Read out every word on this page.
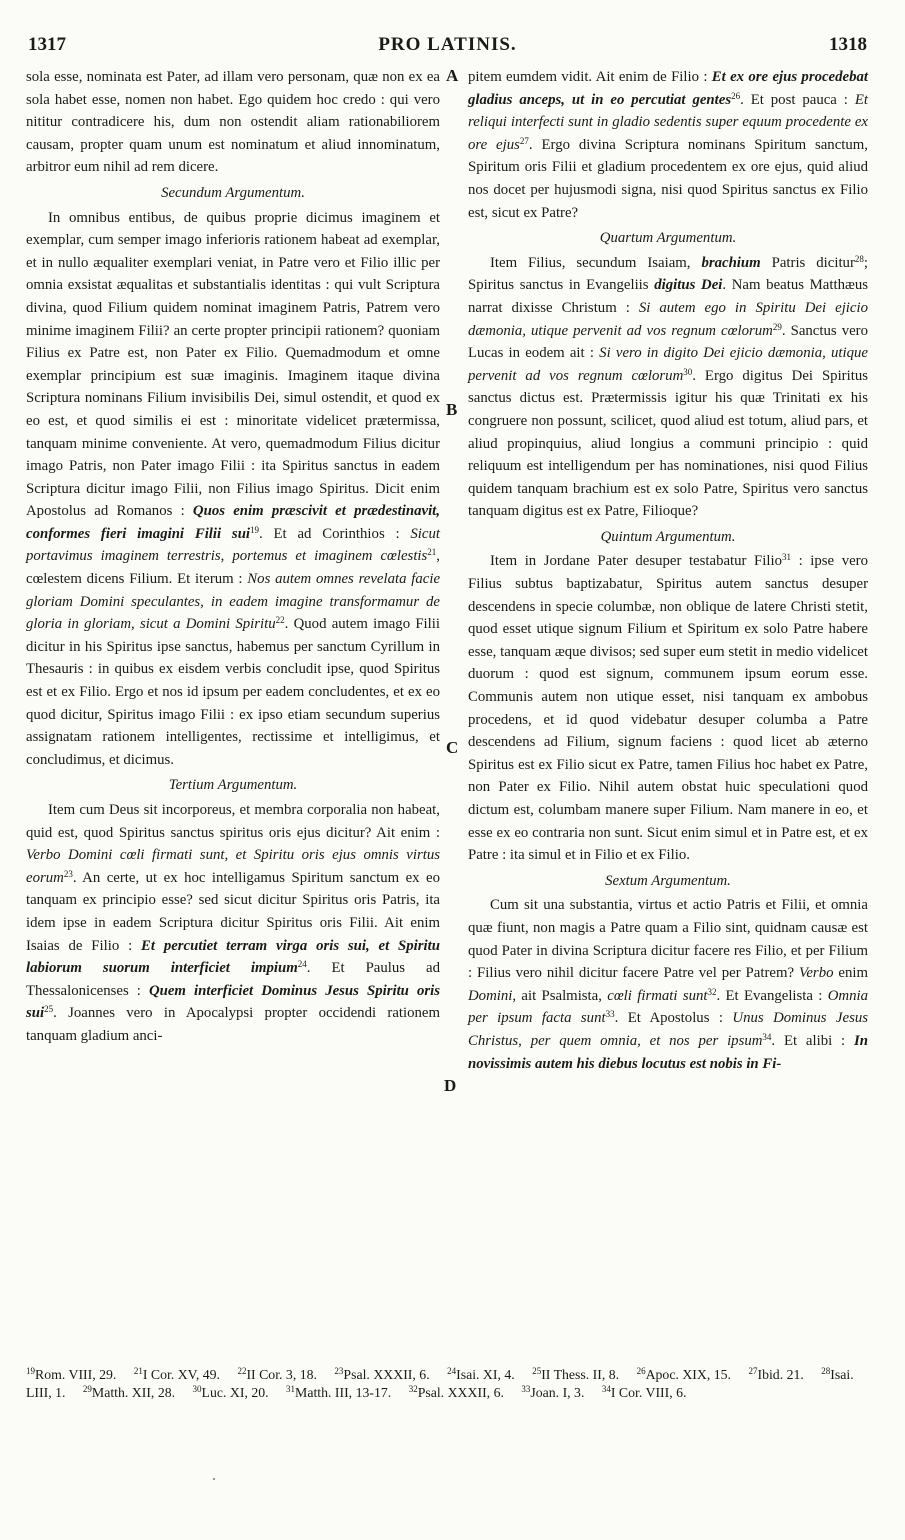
1317	PRO LATINIS.	1318
A
B
C
D

sola esse, nominata est Pater, ad illam vero personam, quæ non ex ea sola habet esse, nomen non habet. Ego quidem hoc credo : qui vero nititur contradicere his, dum non ostendit aliam rationabiliorem causam, propter quam unum est nominatum et aliud innominatum, arbitror eum nihil ad rem dicere.

Secundum Argumentum.

In omnibus entibus, de quibus proprie dicimus imaginem et exemplar, cum semper imago inferioris rationem habeat ad exemplar, et in nullo æqualiter exemplari veniat, in Patre vero et Filio illic per omnia exsistat æqualitas et substantialis identitas : qui vult Scriptura divina, quod Filium quidem nominat imaginem Patris, Patrem vero minime imaginem Filii? an certe propter principii rationem? quoniam Filius ex Patre est, non Pater ex Filio. Quemadmodum et omne exemplar principium est suæ imaginis. Imaginem itaque divina Scriptura nominans Filium invisibilis Dei, simul ostendit, et quod ex eo est, et quod similis ei est : minoritate videlicet prætermissa, tanquam minime conveniente. At vero, quemadmodum Filius dicitur imago Patris, non Pater imago Filii : ita Spiritus sanctus in eadem Scriptura dicitur imago Filii, non Filius imago Spiritus. Dicit enim Apostolus ad Romanos : Quos enim præscivit et prædestinavit, conformes fieri imagini Filii sui$^{19}$. Et ad Corinthios : Sicut portavimus imaginem terrestris, portemus et imaginem cœlestis$^{21}$, cœlestem dicens Filium. Et iterum : Nos autem omnes revelata facie gloriam Domini speculantes, in eadem imagine transformamur de gloria in gloriam, sicut a Domini Spiritu$^{22}$. Quod autem imago Filii dicitur in his Spiritus ipse sanctus, habemus per sanctum Cyrillum in Thesauris : in quibus ex eisdem verbis concludit ipse, quod Spiritus est et ex Filio. Ergo et nos id ipsum per eadem concludentes, et ex eo quod dicitur, Spiritus imago Filii : ex ipso etiam secundum superius assignatam rationem intelligentes, rectissime et intelligimus, et concludimus, et dicimus.

Tertium Argumentum.

Item cum Deus sit incorporeus, et membra corporalia non habeat, quid est, quod Spiritus sanctus spiritus oris ejus dicitur? Ait enim : Verbo Domini cœli firmati sunt, et Spiritu oris ejus omnis virtus eorum$^{23}$. An certe, ut ex hoc intelligamus Spiritum sanctum ex eo tanquam ex principio esse? sed sicut dicitur Spiritus oris Patris, ita idem ipse in eadem Scriptura dicitur Spiritus oris Filii. Ait enim Isaias de Filio : Et percutiet terram virga oris sui, et Spiritu labiorum suorum interficiet impium$^{24}$. Et Paulus ad Thessalonicenses : Quem interficiet Dominus Jesus Spiritu oris sui$^{25}$. Joannes vero in Apocalypsi propter occidendi rationem tanquam gladium anci-

pitem eumdem vidit. Ait enim de Filio : Et ex ore ejus procedebat gladius anceps, ut in eo percutiat gentes$^{26}$. Et post pauca : Et reliqui interfecti sunt in gladio sedentis super equum procedente ex ore ejus$^{27}$. Ergo divina Scriptura nominans Spiritum sanctum, Spiritum oris Filii et gladium procedentem ex ore ejus, quid aliud nos docet per hujusmodi signa, nisi quod Spiritus sanctus ex Filio est, sicut ex Patre?

Quartum Argumentum.

Item Filius, secundum Isaiam, brachium Patris dicitur$^{28}$; Spiritus sanctus in Evangeliis digitus Dei. Nam beatus Matthæus narrat dixisse Christum : Si autem ego in Spiritu Dei ejicio dæmonia, utique pervenit ad vos regnum cœlorum$^{29}$. Sanctus vero Lucas in eodem ait : Si vero in digito Dei ejicio dæmonia, utique pervenit ad vos regnum cœlorum$^{30}$. Ergo digitus Dei Spiritus sanctus dictus est. Prætermissis igitur his quæ Trinitati ex his congruere non possunt, scilicet, quod aliud est totum, aliud pars, et aliud propinquius, aliud longius a communi principio : quid reliquum est intelligendum per has nominationes, nisi quod Filius quidem tanquam brachium est ex solo Patre, Spiritus vero sanctus tanquam digitus est ex Patre, Filioque?

Quintum Argumentum.

Item in Jordane Pater desuper testabatur Filio$^{31}$ : ipse vero Filius subtus baptizabatur, Spiritus autem sanctus desuper descendens in specie columbæ, non oblique de latere Christi stetit, quod esset utique signum Filium et Spiritum ex solo Patre habere esse, tanquam æque divisos; sed super eum stetit in medio videlicet duorum : quod est signum, communem ipsum eorum esse. Communis autem non utique esset, nisi tanquam ex ambobus procedens, et id quod videbatur desuper columba a Patre descendens ad Filium, signum faciens : quod licet ab æterno Spiritus est ex Filio sicut ex Patre, tamen Filius hoc habet ex Patre, non Pater ex Filio. Nihil autem obstat huic speculationi quod dictum est, columbam manere super Filium. Nam manere in eo, et esse ex eo contraria non sunt. Sicut enim simul et in Patre est, et ex Patre : ita simul et in Filio et ex Filio.

Sextum Argumentum.

Cum sit una substantia, virtus et actio Patris et Filii, et omnia quæ fiunt, non magis a Patre quam a Filio sint, quidnam causæ est quod Pater in divina Scriptura dicitur facere res Filio, et per Filium : Filius vero nihil dicitur facere Patre vel per Patrem? Verbo enim Domini, ait Psalmista, cœli firmati sunt$^{32}$. Et Evangelista : Omnia per ipsum facta sunt$^{33}$. Et Apostolus : Unus Dominus Jesus Christus, per quem omnia, et nos per ipsum$^{34}$. Et alibi : In novissimis autem his diebus locutus est nobis in Fi-

$^{19}$Rom. VIII, 29. $^{21}$I Cor. XV, 49. $^{22}$II Cor. 3, 18. $^{23}$Psal. XXXII, 6. $^{24}$Isai. XI, 4. $^{25}$II Thess. II, 8. $^{26}$Apoc. XIX, 15. $^{27}$Ibid. 21. $^{28}$Isai. LIII, 1. $^{29}$Matth. XII, 28. $^{30}$Luc. XI, 20. $^{31}$Matth. III, 13-17. $^{32}$Psal. XXXII, 6. $^{33}$Joan. I, 3. $^{34}$I Cor. VIII, 6.
